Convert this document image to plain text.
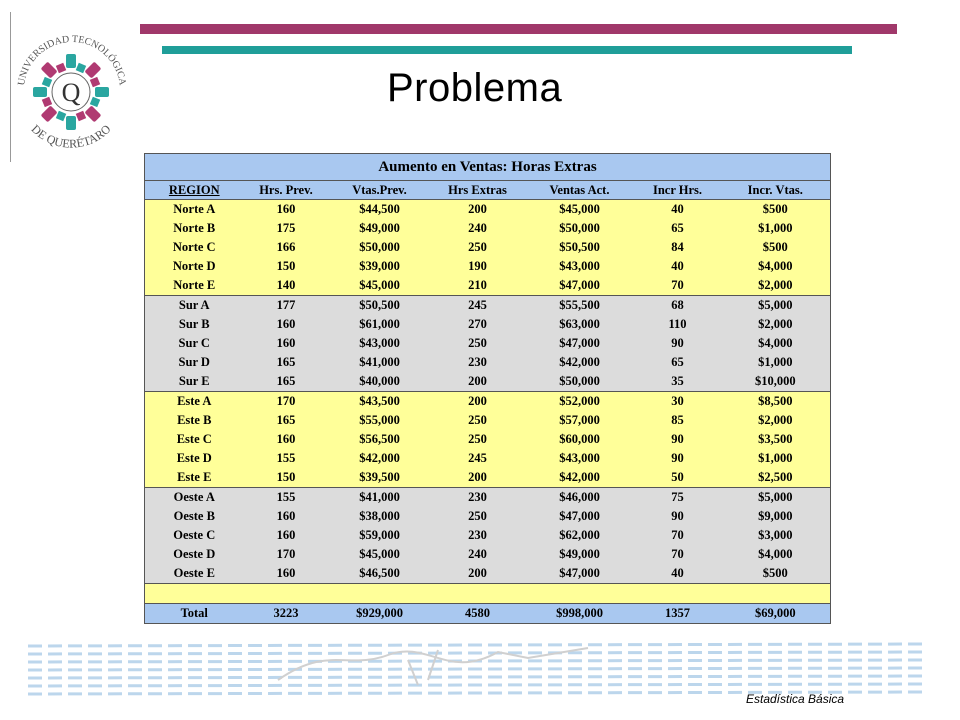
UNIVERSIDAD TECNOLÓGICA
Q
DE QUERÉTARO
Problema
Aumento en Ventas: Horas Extras						
REGION	Hrs. Prev.	Vtas.Prev.	Hrs Extras	Ventas Act.	Incr Hrs.	Incr. Vtas.
Norte A	160	$44,500	200	$45,000	40	$500
Norte B	175	$49,000	240	$50,000	65	$1,000
Norte C	166	$50,000	250	$50,500	84	$500
Norte D	150	$39,000	190	$43,000	40	$4,000
Norte E	140	$45,000	210	$47,000	70	$2,000
Sur A	177	$50,500	245	$55,500	68	$5,000
Sur B	160	$61,000	270	$63,000	110	$2,000
Sur C	160	$43,000	250	$47,000	90	$4,000
Sur D	165	$41,000	230	$42,000	65	$1,000
Sur E	165	$40,000	200	$50,000	35	$10,000
Este A	170	$43,500	200	$52,000	30	$8,500
Este B	165	$55,000	250	$57,000	85	$2,000
Este C	160	$56,500	250	$60,000	90	$3,500
Este D	155	$42,000	245	$43,000	90	$1,000
Este E	150	$39,500	200	$42,000	50	$2,500
Oeste A	155	$41,000	230	$46,000	75	$5,000
Oeste B	160	$38,000	250	$47,000	90	$9,000
Oeste C	160	$59,000	230	$62,000	70	$3,000
Oeste D	170	$45,000	240	$49,000	70	$4,000
Oeste E	160	$46,500	200	$47,000	40	$500

Total	3223	$929,000	4580	$998,000	1357	$69,000
Estadística Básica
